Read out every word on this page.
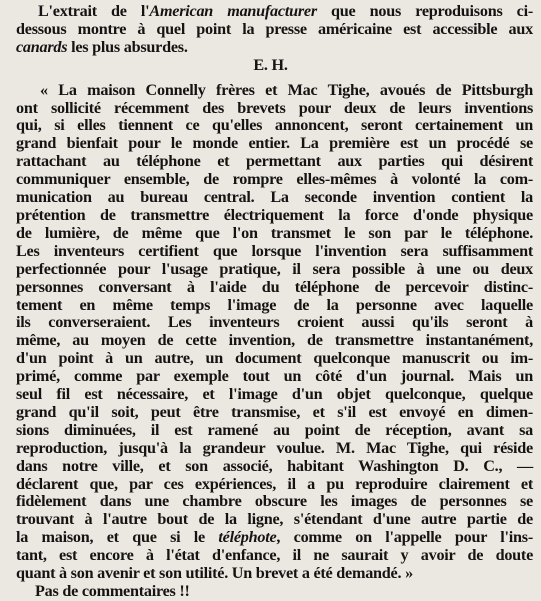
L'extrait de l'American manufacturer que nous reproduisons ci-
dessous montre à quel point la presse américaine est accessible aux
canards les plus absurdes.
E. H.
« La maison Connelly frères et Mac Tighe, avoués de Pittsburgh
ont sollicité récemment des brevets pour deux de leurs inventions
qui, si elles tiennent ce qu'elles annoncent, seront certainement un
grand bienfait pour le monde entier. La première est un procédé se
rattachant au téléphone et permettant aux parties qui désirent
communiquer ensemble, de rompre elles-mêmes à volonté la com-
munication au bureau central. La seconde invention contient la
prétention de transmettre électriquement la force d'onde physique
de lumière, de même que l'on transmet le son par le téléphone.
Les inventeurs certifient que lorsque l'invention sera suffisamment
perfectionnée pour l'usage pratique, il sera possible à une ou deux
personnes conversant à l'aide du téléphone de percevoir distinc-
tement en même temps l'image de la personne avec laquelle
ils converseraient. Les inventeurs croient aussi qu'ils seront à
même, au moyen de cette invention, de transmettre instantanément,
d'un point à un autre, un document quelconque manuscrit ou im-
primé, comme par exemple tout un côté d'un journal. Mais un
seul fil est nécessaire, et l'image d'un objet quelconque, quelque
grand qu'il soit, peut être transmise, et s'il est envoyé en dimen-
sions diminuées, il est ramené au point de réception, avant sa
reproduction, jusqu'à la grandeur voulue. M. Mac Tighe, qui réside
dans notre ville, et son associé, habitant Washington D. C., —
déclarent que, par ces expériences, il a pu reproduire clairement et
fidèlement dans une chambre obscure les images de personnes se
trouvant à l'autre bout de la ligne, s'étendant d'une autre partie de
la maison, et que si le téléphote, comme on l'appelle pour l'ins-
tant, est encore à l'état d'enfance, il ne saurait y avoir de doute
quant à son avenir et son utilité. Un brevet a été demandé. »
Pas de commentaires !!
